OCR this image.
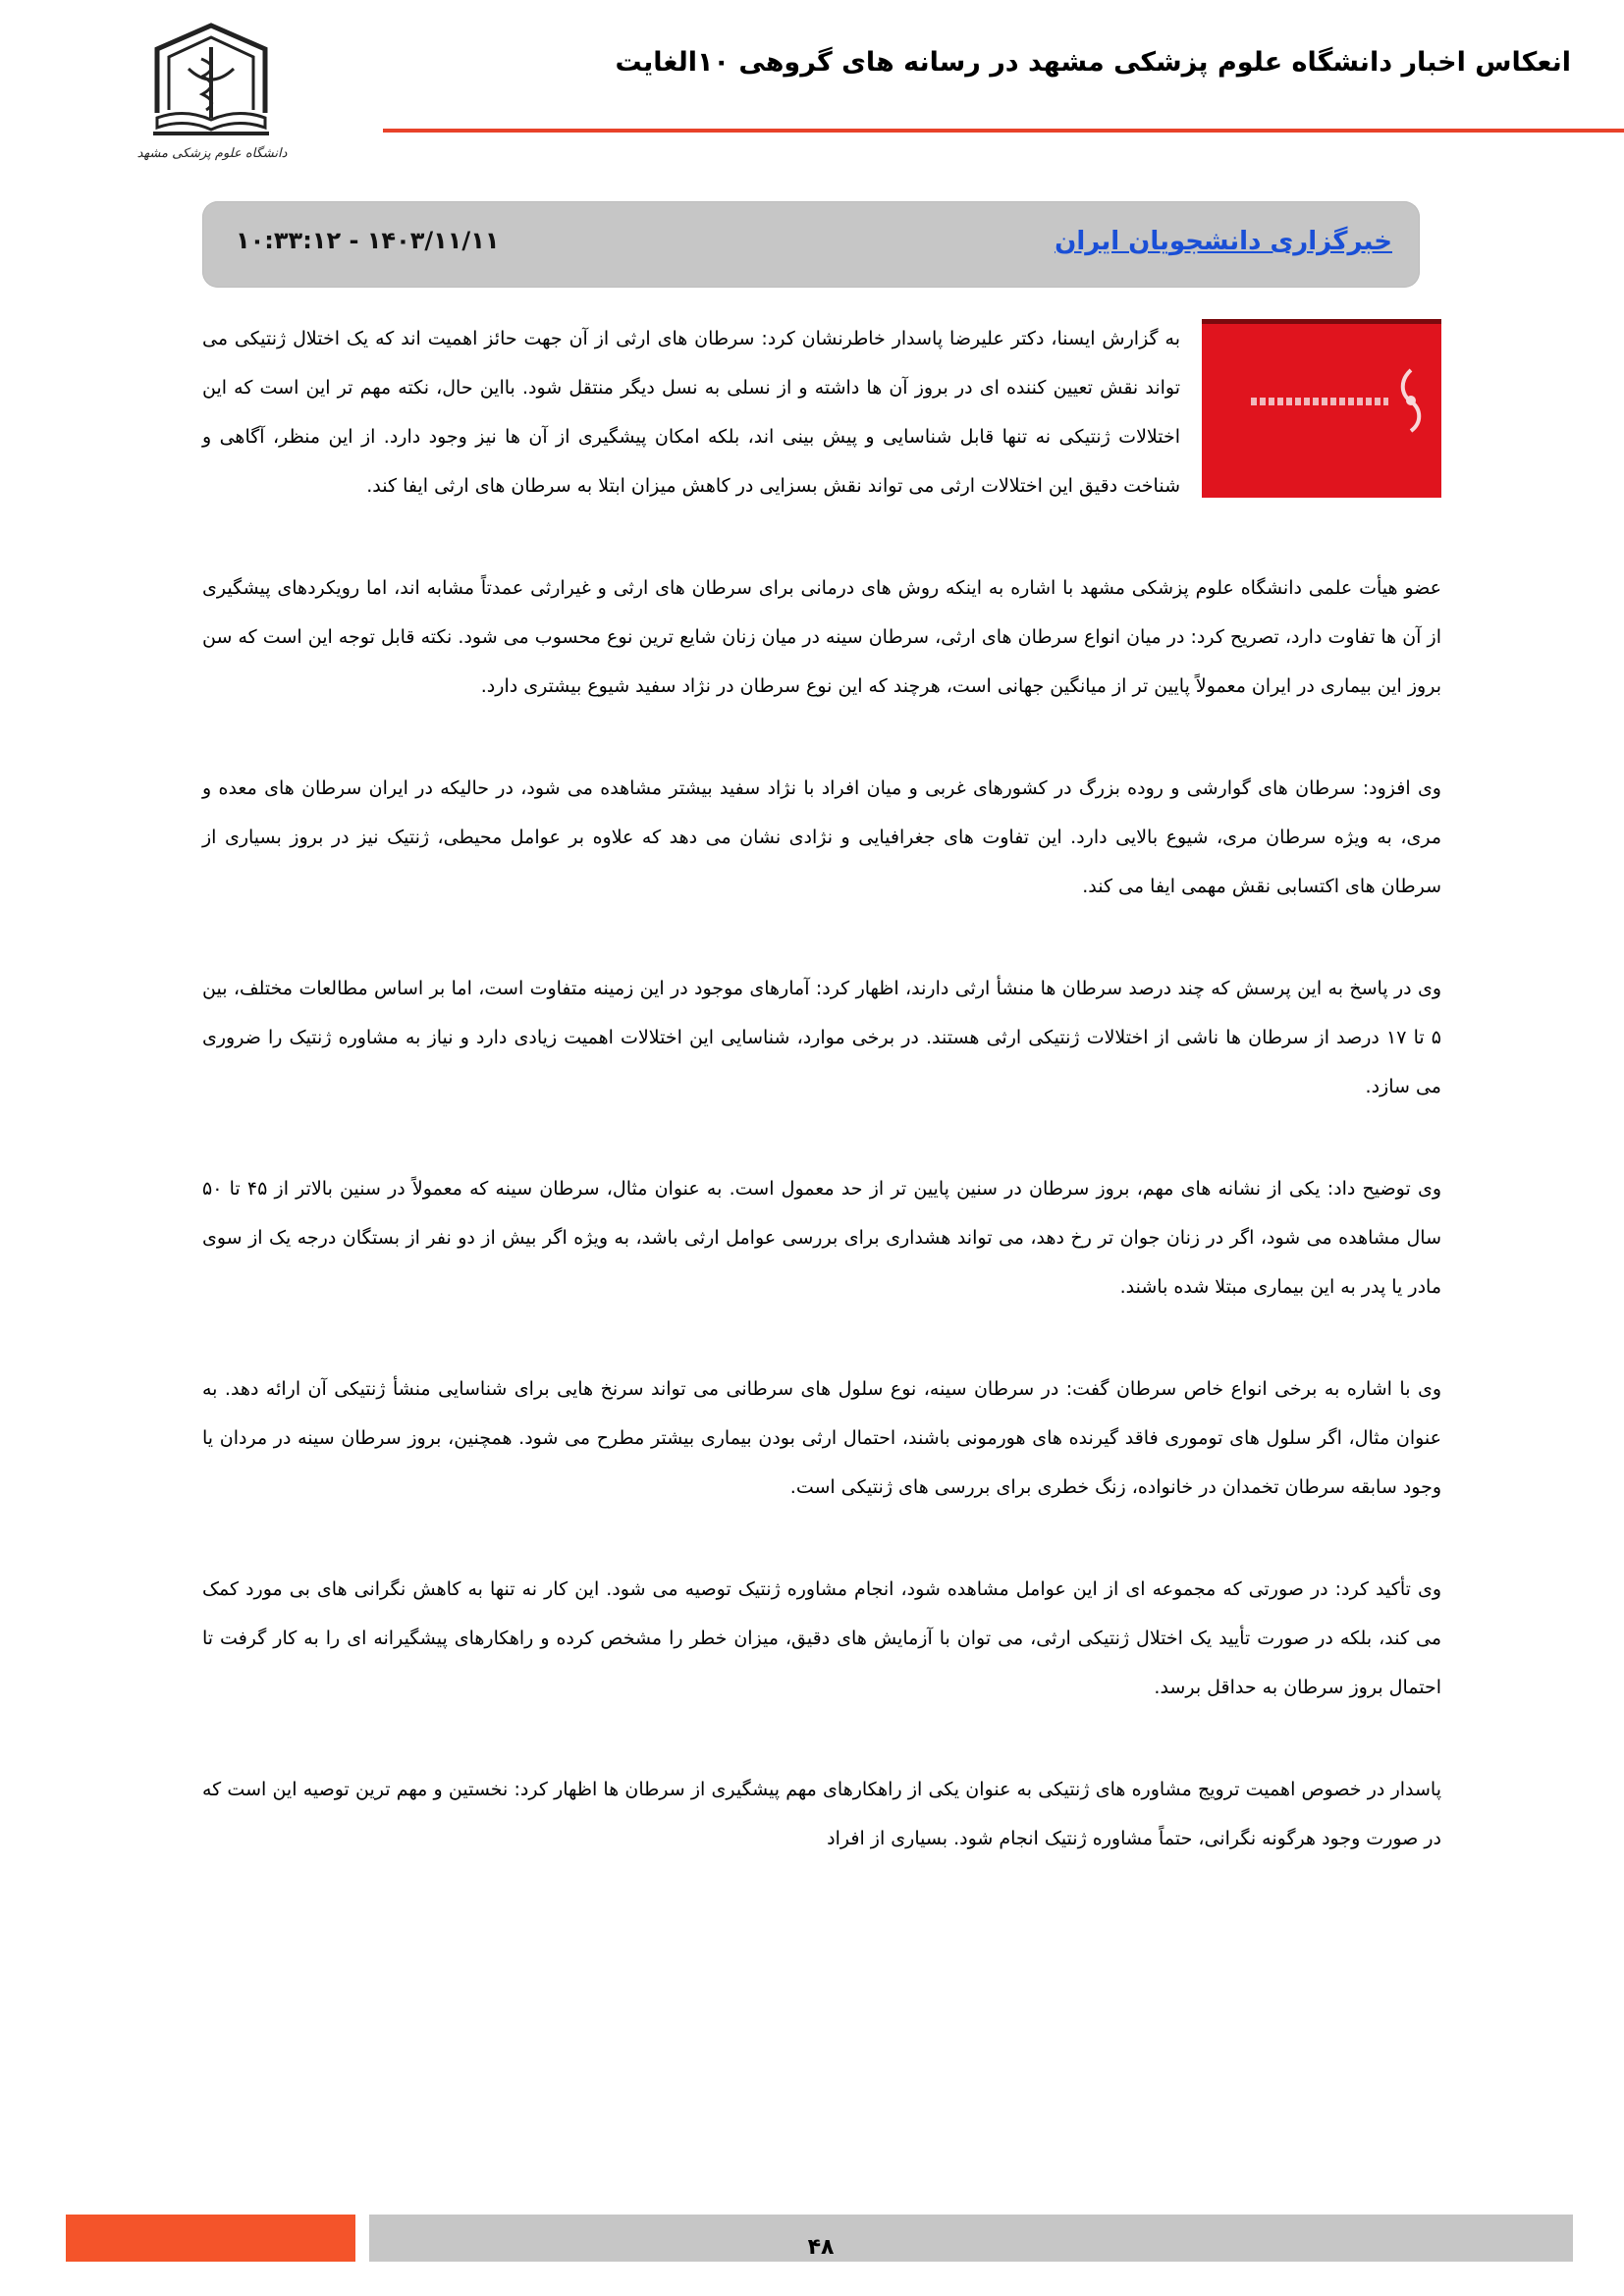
دانشگاه علوم پزشکی مشهد
انعکاس اخبار دانشگاه علوم پزشکی مشهد در رسانه های گروهی ۱۰الغایت
خبرگزاری دانشجویان ایران
۱۴۰۳/۱۱/۱۱ - ۱۰:۳۳:۱۲

به گزارش ایسنا، دکتر علیرضا پاسدار خاطرنشان کرد: سرطان های ارثی از آن جهت حائز اهمیت اند که یک اختلال ژنتیکی می تواند نقش تعیین کننده ای در بروز آن ها داشته و از نسلی به نسل دیگر منتقل شود. بااین حال، نکته مهم تر این است که این اختلالات ژنتیکی نه تنها قابل شناسایی و پیش بینی اند، بلکه امکان پیشگیری از آن ها نیز وجود دارد. از این منظر، آگاهی و شناخت دقیق این اختلالات ارثی می تواند نقش بسزایی در کاهش میزان ابتلا به سرطان های ارثی ایفا کند.

عضو هیأت علمی دانشگاه علوم پزشکی مشهد با اشاره به اینکه روش های درمانی برای سرطان های ارثی و غیرارثی عمدتاً مشابه اند، اما رویکردهای پیشگیری از آن ها تفاوت دارد، تصریح کرد: در میان انواع سرطان های ارثی، سرطان سینه در میان زنان شایع ترین نوع محسوب می شود. نکته قابل توجه این است که سن بروز این بیماری در ایران معمولاً پایین تر از میانگین جهانی است، هرچند که این نوع سرطان در نژاد سفید شیوع بیشتری دارد.

وی افزود: سرطان های گوارشی و روده بزرگ در کشورهای غربی و میان افراد با نژاد سفید بیشتر مشاهده می شود، در حالیکه در ایران سرطان های معده و مری، به ویژه سرطان مری، شیوع بالایی دارد. این تفاوت های جغرافیایی و نژادی نشان می دهد که علاوه بر عوامل محیطی، ژنتیک نیز در بروز بسیاری از سرطان های اکتسابی نقش مهمی ایفا می کند.

وی در پاسخ به این پرسش که چند درصد سرطان ها منشأ ارثی دارند، اظهار کرد: آمارهای موجود در این زمینه متفاوت است، اما بر اساس مطالعات مختلف، بین ۵ تا ۱۷ درصد از سرطان ها ناشی از اختلالات ژنتیکی ارثی هستند. در برخی موارد، شناسایی این اختلالات اهمیت زیادی دارد و نیاز به مشاوره ژنتیک را ضروری می سازد.

وی توضیح داد: یکی از نشانه های مهم، بروز سرطان در سنین پایین تر از حد معمول است. به عنوان مثال، سرطان سینه که معمولاً در سنین بالاتر از ۴۵ تا ۵۰ سال مشاهده می شود، اگر در زنان جوان تر رخ دهد، می تواند هشداری برای بررسی عوامل ارثی باشد، به ویژه اگر بیش از دو نفر از بستگان درجه یک از سوی مادر یا پدر به این بیماری مبتلا شده باشند.

وی با اشاره به برخی انواع خاص سرطان گفت: در سرطان سینه، نوع سلول های سرطانی می تواند سرنخ هایی برای شناسایی منشأ ژنتیکی آن ارائه دهد. به عنوان مثال، اگر سلول های توموری فاقد گیرنده های هورمونی باشند، احتمال ارثی بودن بیماری بیشتر مطرح می شود. همچنین، بروز سرطان سینه در مردان یا وجود سابقه سرطان تخمدان در خانواده، زنگ خطری برای بررسی های ژنتیکی است.

وی تأکید کرد: در صورتی که مجموعه ای از این عوامل مشاهده شود، انجام مشاوره ژنتیک توصیه می شود. این کار نه تنها به کاهش نگرانی های بی مورد کمک می کند، بلکه در صورت تأیید یک اختلال ژنتیکی ارثی، می توان با آزمایش های دقیق، میزان خطر را مشخص کرده و راهکارهای پیشگیرانه ای را به کار گرفت تا احتمال بروز سرطان به حداقل برسد.

پاسدار در خصوص اهمیت ترویج مشاوره های ژنتیکی به عنوان یکی از راهکارهای مهم پیشگیری از سرطان ها اظهار کرد: نخستین و مهم ترین توصیه این است که در صورت وجود هرگونه نگرانی، حتماً مشاوره ژنتیک انجام شود. بسیاری از افراد

۴۸
